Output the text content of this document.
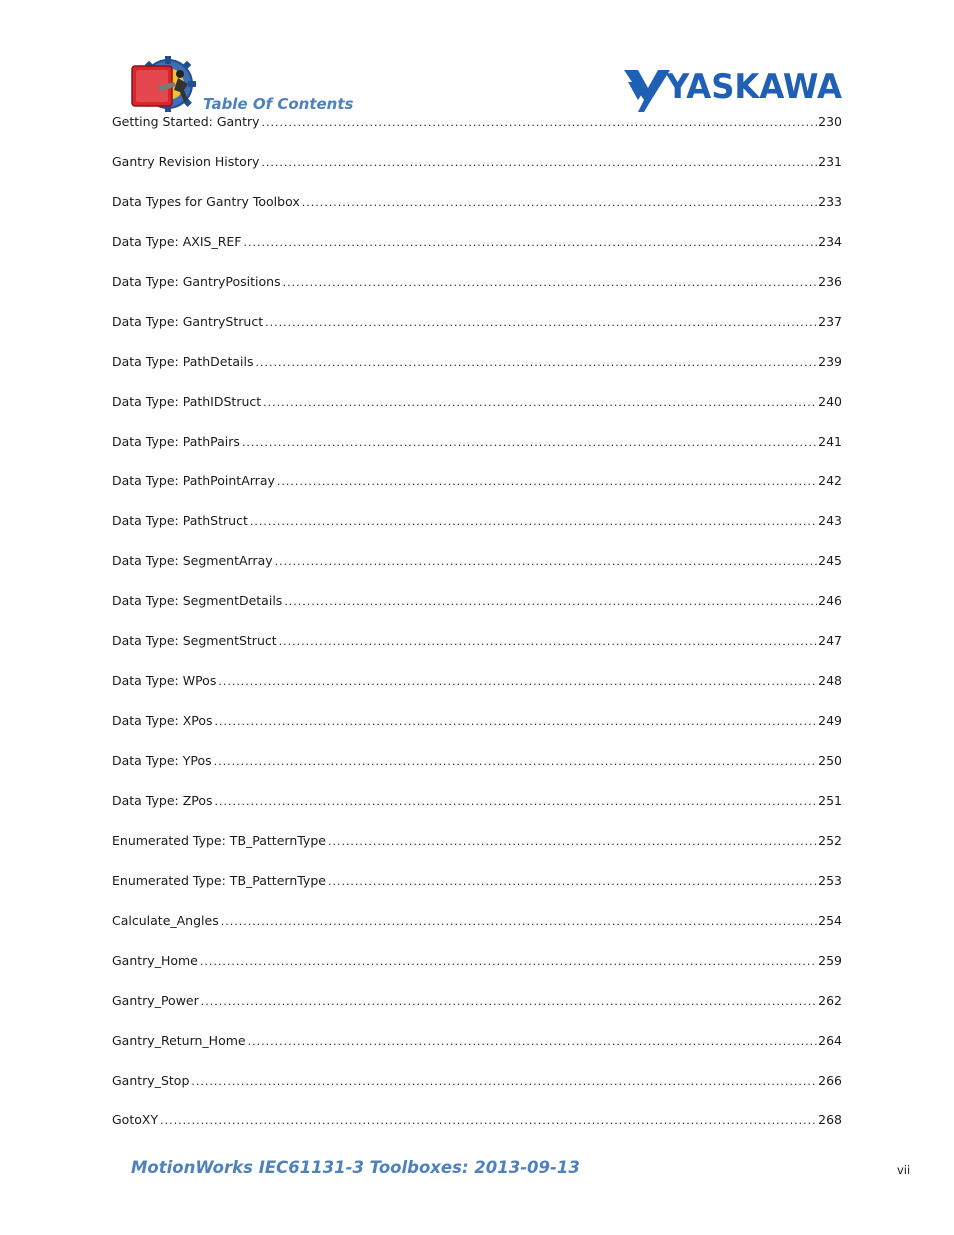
Table Of Contents	YASKAWA
Getting Started: Gantry .....	230
Gantry Revision History .....	231
Data Types for Gantry Toolbox .....	233
Data Type: AXIS_REF .....	234
Data Type: GantryPositions .....	236
Data Type: GantryStruct .....	237
Data Type: PathDetails .....	239
Data Type: PathIDStruct .....	240
Data Type: PathPairs .....	241
Data Type: PathPointArray .....	242
Data Type: PathStruct .....	243
Data Type: SegmentArray .....	245
Data Type: SegmentDetails .....	246
Data Type: SegmentStruct .....	247
Data Type: WPos .....	248
Data Type: XPos .....	249
Data Type: YPos .....	250
Data Type: ZPos .....	251
Enumerated Type: TB_PatternType .....	252
Enumerated Type: TB_PatternType .....	253
Calculate_Angles .....	254
Gantry_Home .....	259
Gantry_Power .....	262
Gantry_Return_Home .....	264
Gantry_Stop .....	266
GotoXY .....	268
MotionWorks IEC61131-3 Toolboxes: 2013-09-13	vii
